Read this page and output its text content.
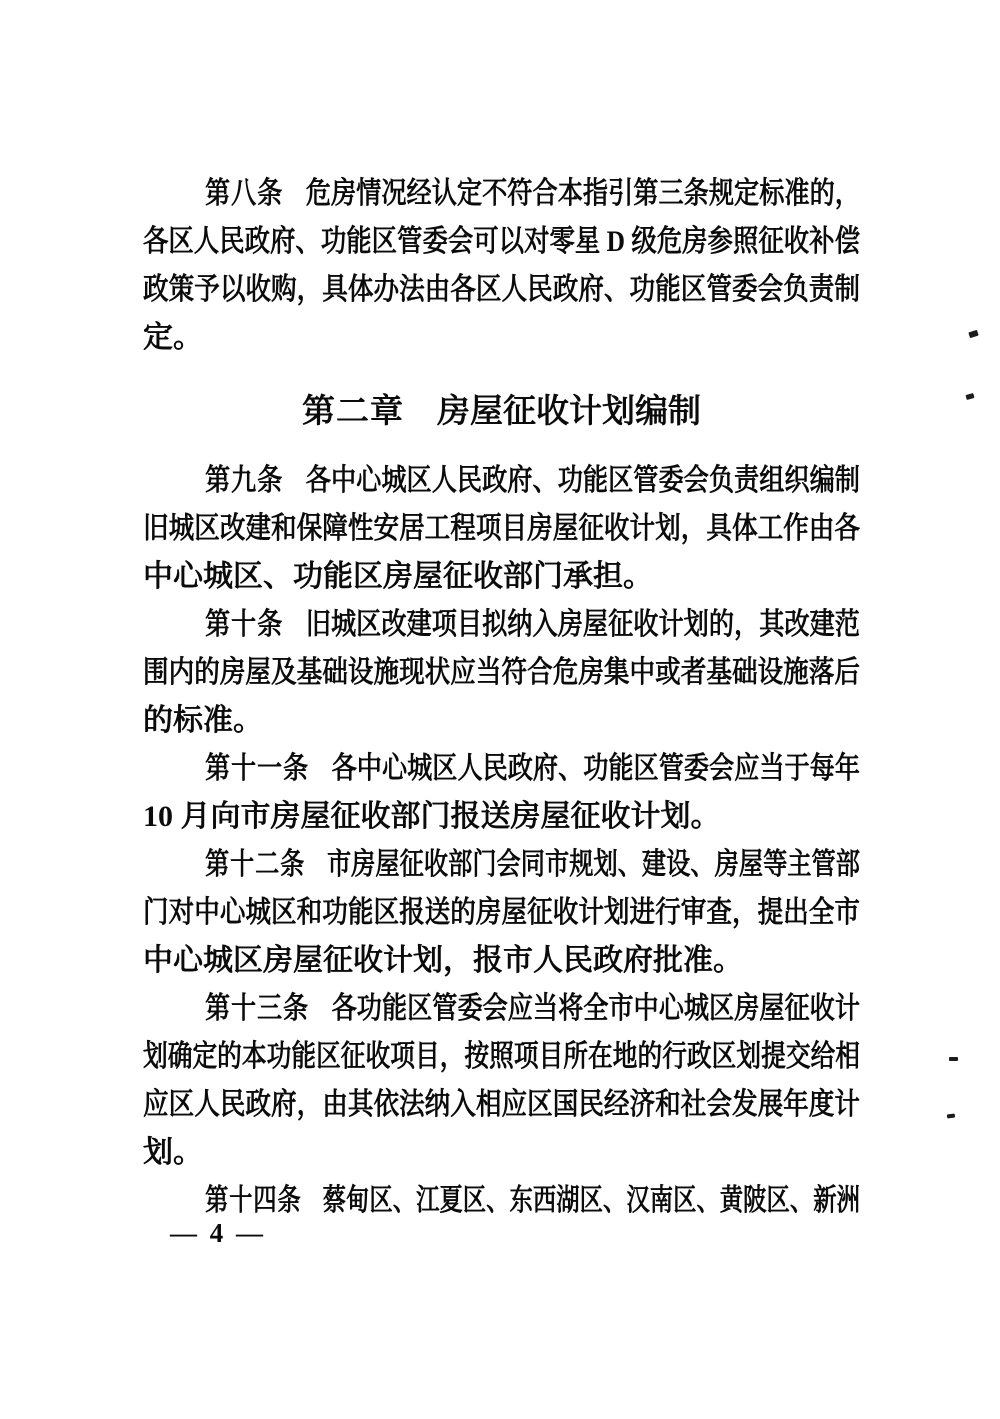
第八条 危房情况经认定不符合本指引第三条规定标准的，
各区人民政府、功能区管委会可以对零星 D 级危房参照征收补偿
政策予以收购，具体办法由各区人民政府、功能区管委会负责制
定。
第二章 房屋征收计划编制
第九条 各中心城区人民政府、功能区管委会负责组织编制
旧城区改建和保障性安居工程项目房屋征收计划，具体工作由各
中心城区、功能区房屋征收部门承担。
第十条 旧城区改建项目拟纳入房屋征收计划的，其改建范
围内的房屋及基础设施现状应当符合危房集中或者基础设施落后
的标准。
第十一条 各中心城区人民政府、功能区管委会应当于每年
10 月向市房屋征收部门报送房屋征收计划。
第十二条 市房屋征收部门会同市规划、建设、房屋等主管部
门对中心城区和功能区报送的房屋征收计划进行审查，提出全市
中心城区房屋征收计划，报市人民政府批准。
第十三条 各功能区管委会应当将全市中心城区房屋征收计
划确定的本功能区征收项目，按照项目所在地的行政区划提交给相
应区人民政府，由其依法纳入相应区国民经济和社会发展年度计
划。
第十四条 蔡甸区、江夏区、东西湖区、汉南区、黄陂区、新洲
— 4 —
